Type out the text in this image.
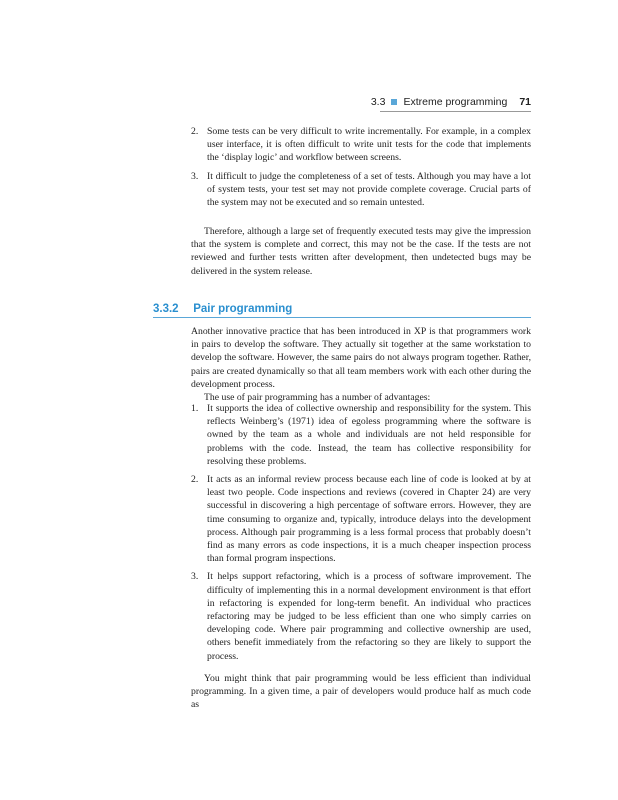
3.3 Extreme programming 71
2. Some tests can be very difficult to write incrementally. For example, in a complex user interface, it is often difficult to write unit tests for the code that implements the ‘display logic’ and workflow between screens.
3. It difficult to judge the completeness of a set of tests. Although you may have a lot of system tests, your test set may not provide complete coverage. Crucial parts of the system may not be executed and so remain untested.

Therefore, although a large set of frequently executed tests may give the impression that the system is complete and correct, this may not be the case. If the tests are not reviewed and further tests written after development, then undetected bugs may be delivered in the system release.

3.3.2 Pair programming

Another innovative practice that has been introduced in XP is that programmers work in pairs to develop the software. They actually sit together at the same workstation to develop the software. However, the same pairs do not always program together. Rather, pairs are created dynamically so that all team members work with each other during the development process.

The use of pair programming has a number of advantages:

1. It supports the idea of collective ownership and responsibility for the system. This reflects Weinberg’s (1971) idea of egoless programming where the software is owned by the team as a whole and individuals are not held responsible for problems with the code. Instead, the team has collective responsibility for resolving these problems.
2. It acts as an informal review process because each line of code is looked at by at least two people. Code inspections and reviews (covered in Chapter 24) are very successful in discovering a high percentage of software errors. However, they are time consuming to organize and, typically, introduce delays into the development process. Although pair programming is a less formal process that probably doesn’t find as many errors as code inspections, it is a much cheaper inspection process than formal program inspections.
3. It helps support refactoring, which is a process of software improvement. The difficulty of implementing this in a normal development environment is that effort in refactoring is expended for long-term benefit. An individual who practices refactoring may be judged to be less efficient than one who simply carries on developing code. Where pair programming and collective ownership are used, others benefit immediately from the refactoring so they are likely to support the process.

You might think that pair programming would be less efficient than individual programming. In a given time, a pair of developers would produce half as much code as
